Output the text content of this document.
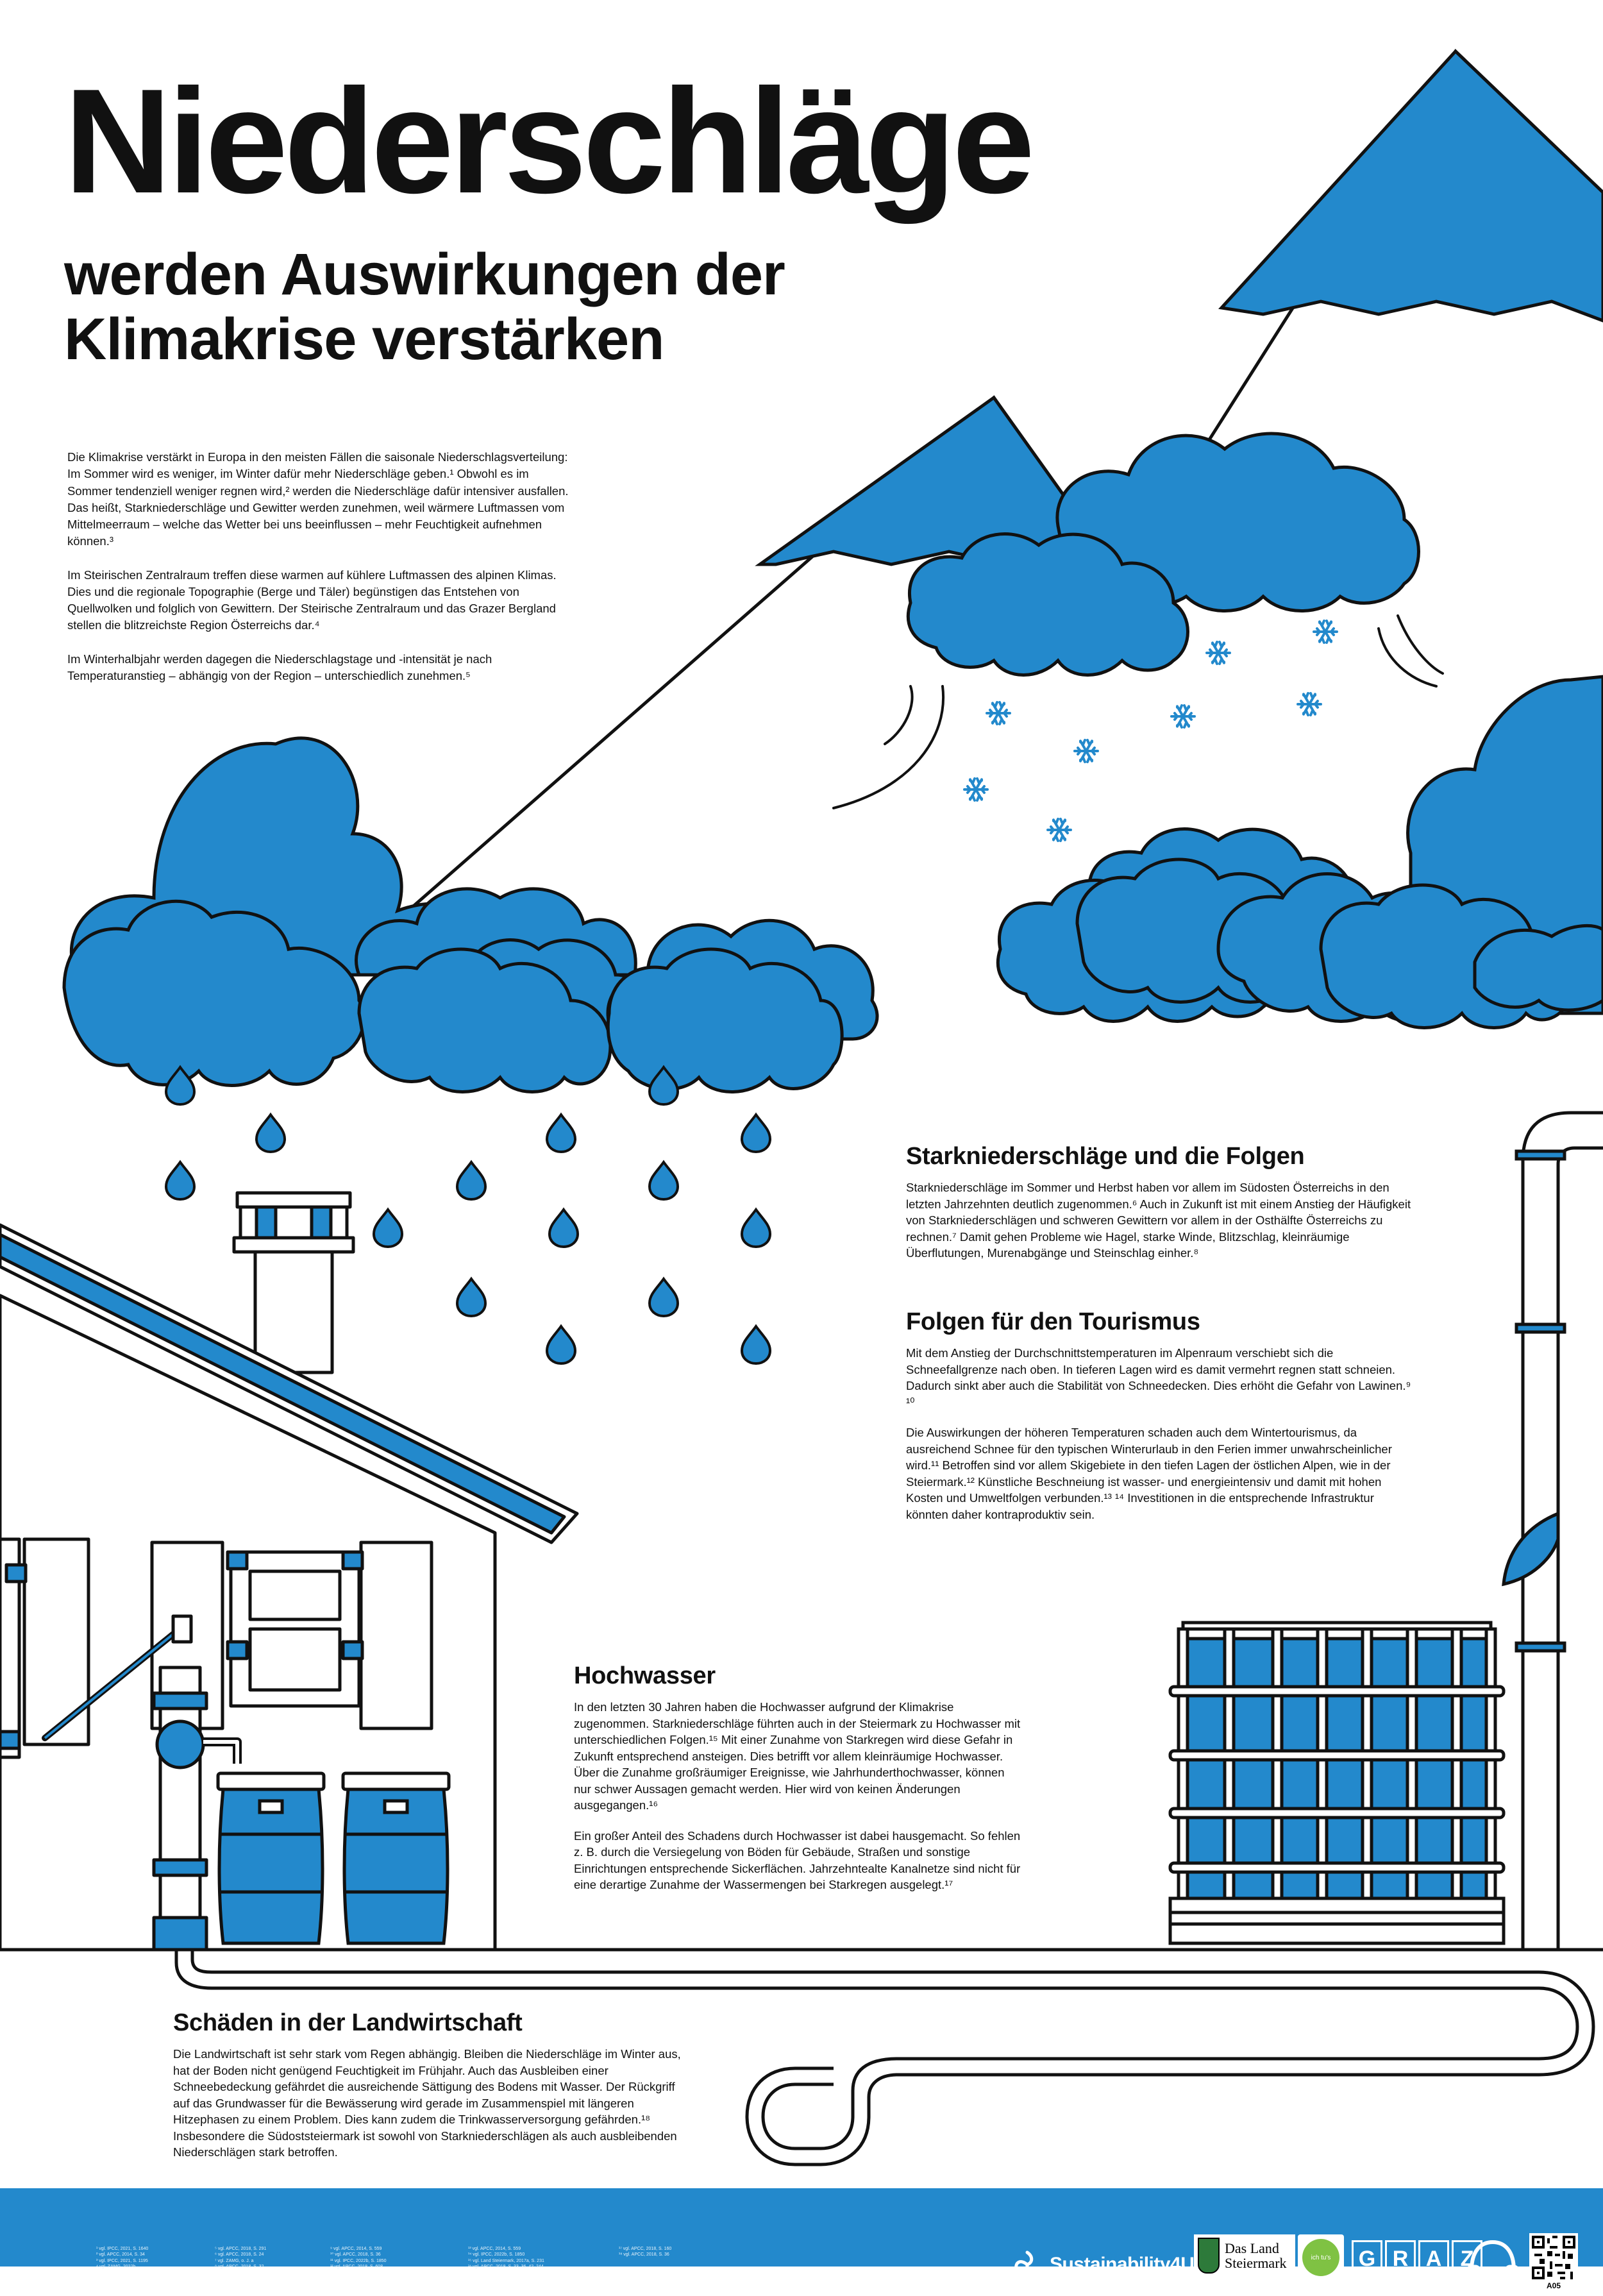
Niederschläge
werden Auswirkungen der
Klimakrise verstärken

Die Klimakrise verstärkt in Europa in den meisten Fällen die saisonale Niederschlagsverteilung: Im Sommer wird es weniger, im Winter dafür mehr Niederschläge geben.¹ Obwohl es im Sommer tendenziell weniger regnen wird,² werden die Niederschläge dafür intensiver ausfallen. Das heißt, Starkniederschläge und Gewitter werden zunehmen, weil wärmere Luftmassen vom Mittelmeerraum – welche das Wetter bei uns beeinflussen – mehr Feuchtigkeit aufnehmen können.³

Im Steirischen Zentralraum treffen diese warmen auf kühlere Luftmassen des alpinen Klimas. Dies und die regionale Topographie (Berge und Täler) begünstigen das Entstehen von Quellwolken und folglich von Gewittern. Der Steirische Zentralraum und das Grazer Bergland stellen die blitzreichste Region Österreichs dar.⁴

Im Winterhalbjahr werden dagegen die Niederschlagstage und -intensität je nach Temperaturanstieg – abhängig von der Region – unterschiedlich zunehmen.⁵

Starkniederschläge und die Folgen

Starkniederschläge im Sommer und Herbst haben vor allem im Südosten Österreichs in den letzten Jahrzehnten deutlich zugenommen.⁶ Auch in Zukunft ist mit einem Anstieg der Häufigkeit von Starkniederschlägen und schweren Gewittern vor allem in der Osthälfte Österreichs zu rechnen.⁷ Damit gehen Probleme wie Hagel, starke Winde, Blitzschlag, kleinräumige Überflutungen, Murenabgänge und Steinschlag einher.⁸

Folgen für den Tourismus

Mit dem Anstieg der Durchschnittstemperaturen im Alpenraum verschiebt sich die Schneefallgrenze nach oben. In tieferen Lagen wird es damit vermehrt regnen statt schneien. Dadurch sinkt aber auch die Stabilität von Schneedecken. Dies erhöht die Gefahr von Lawinen.⁹ ¹⁰

Die Auswirkungen der höheren Temperaturen schaden auch dem Wintertourismus, da ausreichend Schnee für den typischen Winterurlaub in den Ferien immer unwahrscheinlicher wird.¹¹ Betroffen sind vor allem Skigebiete in den tiefen Lagen der östlichen Alpen, wie in der Steiermark.¹² Künstliche Beschneiung ist wasser- und energieintensiv und damit mit hohen Kosten und Umweltfolgen verbunden.¹³ ¹⁴ Investitionen in die entsprechende Infrastruktur könnten daher kontraproduktiv sein.

Hochwasser

In den letzten 30 Jahren haben die Hochwasser aufgrund der Klimakrise zugenommen. Starkniederschläge führten auch in der Steiermark zu Hochwasser mit unterschiedlichen Folgen.¹⁵ Mit einer Zunahme von Starkregen wird diese Gefahr in Zukunft entsprechend ansteigen. Dies betrifft vor allem kleinräumige Hochwasser. Über die Zunahme großräumiger Ereignisse, wie Jahrhunderthochwasser, können nur schwer Aussagen gemacht werden. Hier wird von keinen Änderungen ausgegangen.¹⁶

Ein großer Anteil des Schadens durch Hochwasser ist dabei hausgemacht. So fehlen z. B. durch die Versiegelung von Böden für Gebäude, Straßen und sonstige Einrichtungen entsprechende Sickerflächen. Jahrzehntealte Kanalnetze sind nicht für eine derartige Zunahme der Wassermengen bei Starkregen ausgelegt.¹⁷

Schäden in der Landwirtschaft

Die Landwirtschaft ist sehr stark vom Regen abhängig. Bleiben die Niederschläge im Winter aus, hat der Boden nicht genügend Feuchtigkeit im Frühjahr. Auch das Ausbleiben einer Schneebedeckung gefährdet die ausreichende Sättigung des Bodens mit Wasser. Der Rückgriff auf das Grundwasser für die Bewässerung wird gerade im Zusammenspiel mit längeren Hitzephasen zu einem Problem. Dies kann zudem die Trinkwasserversorgung gefährden.¹⁸ Insbesondere die Südoststeiermark ist sowohl von Starkniederschlägen als auch ausbleibenden Niederschlägen stark betroffen.

¹ vgl. IPCC, 2021, S. 1640
² vgl. APCC, 2014, S. 34
³ vgl. IPCC, 2021, S. 1195
⁴ vgl. ZAMG, 2022b
⁵ vgl. APCC, 2018, S. 291
⁶ vgl. APCC, 2018, S. 24
⁷ vgl. ZAMG, o. J. a
⁸ vgl. APCC, 2018, S. 32
⁹ vgl. APCC, 2014, S. 559
¹⁰ vgl. APCC, 2018, S. 36
¹¹ vgl. IPCC, 2022b, S. 1850
¹² vgl. APCC, 2018, S. 608
¹³ vgl. APCC, 2014, S. 559
¹⁴ vgl. IPCC, 2022b, S. 1850
¹⁵ vgl. Land Steiermark, 2017a, S. 231
¹⁶ vgl. APCC, 2018, S. 33, 36, 42, 244
¹⁷ vgl. APCC, 2018, S. 160
¹⁸ vgl. APCC, 2018, S. 36	Sustainability4U
Das Land
Steiermark	ich tu's	G R A Z
A05
